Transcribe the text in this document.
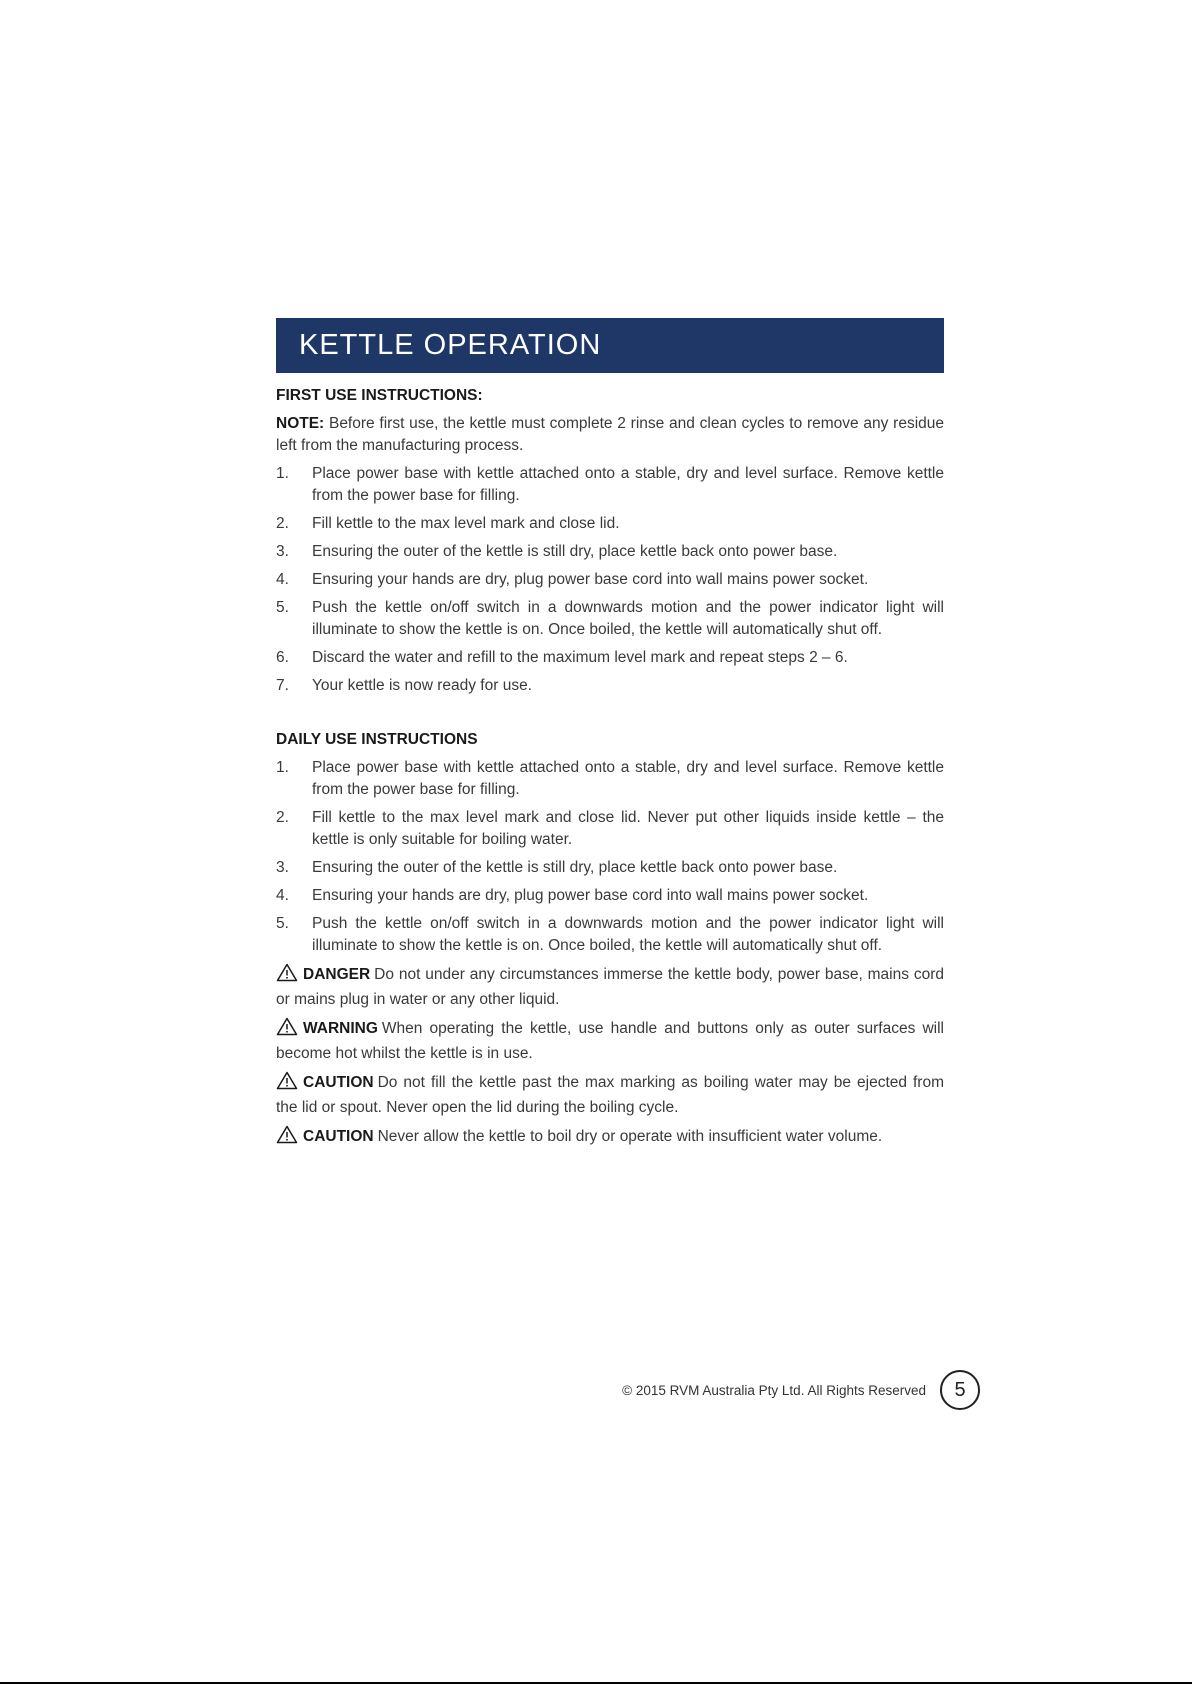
KETTLE OPERATION
FIRST USE INSTRUCTIONS:

NOTE: Before first use, the kettle must complete 2 rinse and clean cycles to remove any residue left from the manufacturing process.

1.	Place power base with kettle attached onto a stable, dry and level surface. Remove kettle from the power base for filling.
2.	Fill kettle to the max level mark and close lid.
3.	Ensuring the outer of the kettle is still dry, place kettle back onto power base.
4.	Ensuring your hands are dry, plug power base cord into wall mains power socket.
5.	Push the kettle on/off switch in a downwards motion and the power indicator light will illuminate to show the kettle is on. Once boiled, the kettle will automatically shut off.
6.	Discard the water and refill to the maximum level mark and repeat steps 2 – 6.
7.	Your kettle is now ready for use.
DAILY USE INSTRUCTIONS
1.	Place power base with kettle attached onto a stable, dry and level surface. Remove kettle from the power base for filling.
2.	Fill kettle to the max level mark and close lid. Never put other liquids inside kettle – the kettle is only suitable for boiling water.
3.	Ensuring the outer of the kettle is still dry, place kettle back onto power base.
4.	Ensuring your hands are dry, plug power base cord into wall mains power socket.
5.	Push the kettle on/off switch in a downwards motion and the power indicator light will illuminate to show the kettle is on. Once boiled, the kettle will automatically shut off.
DANGER Do not under any circumstances immerse the kettle body, power base, mains cord or mains plug in water or any other liquid.
WARNING When operating the kettle, use handle and buttons only as outer surfaces will become hot whilst the kettle is in use.
CAUTION Do not fill the kettle past the max marking as boiling water may be ejected from the lid or spout. Never open the lid during the boiling cycle.
CAUTION Never allow the kettle to boil dry or operate with insufficient water volume.
© 2015 RVM Australia Pty Ltd. All Rights Reserved	5
